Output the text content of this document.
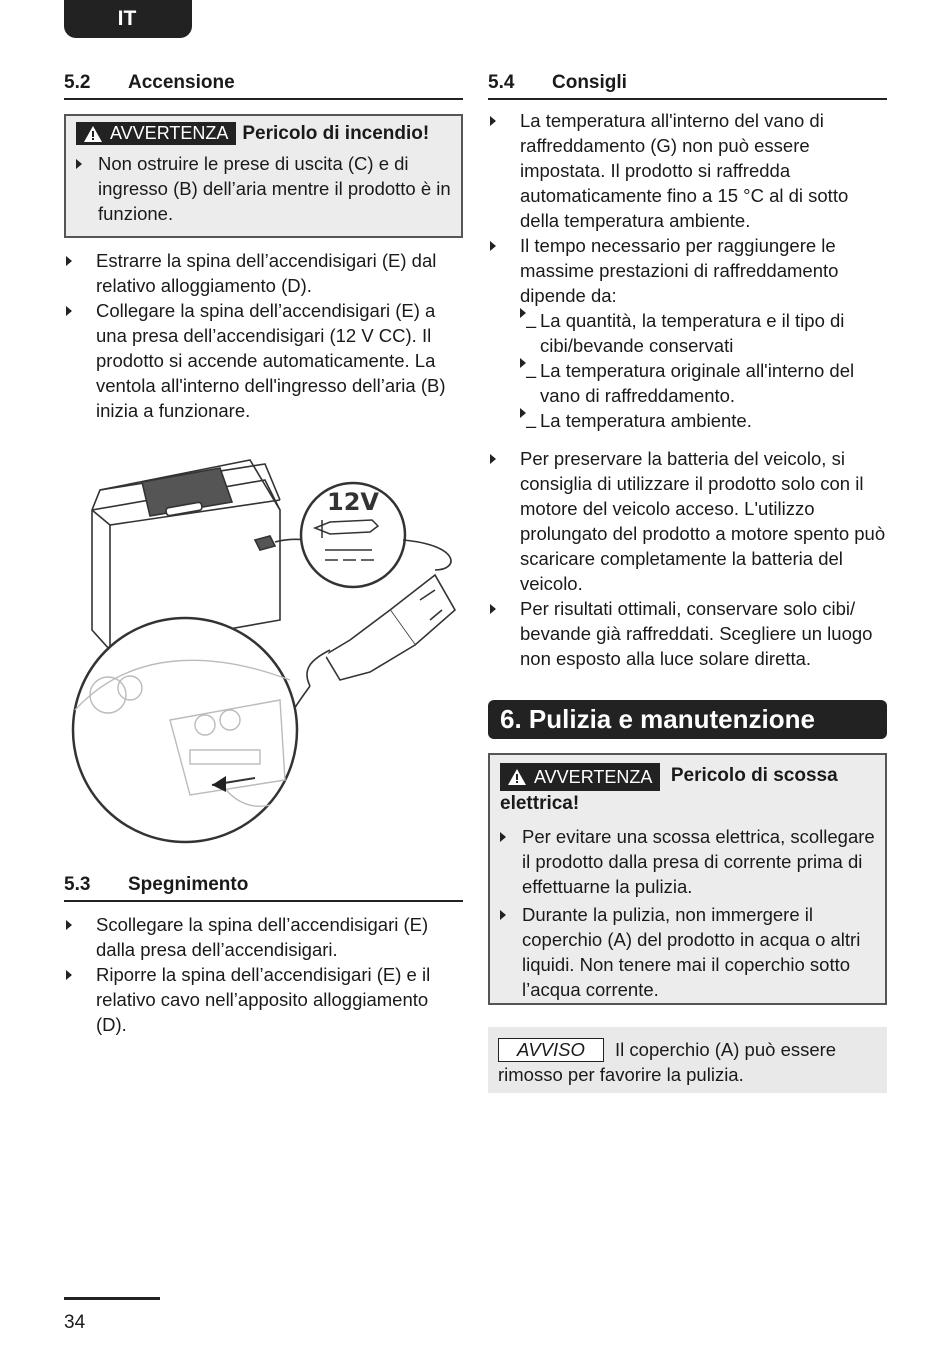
IT
5.2	Accensione
AVVERTENZA Pericolo di incendio!
Non ostruire le prese di uscita (C) e di ingresso (B) dell’aria mentre il prodotto è in funzione.
Estrarre la spina dell’accendisigari (E) dal relativo alloggiamento (D).
Collegare la spina dell’accendisigari (E) a una presa dell’accendisigari (12 V CC). Il prodotto si accende automaticamente. La ventola all'interno dell'ingresso dell’aria (B) inizia a funzionare.
12V
5.3	Spegnimento
Scollegare la spina dell’accendisigari (E) dalla presa dell’accendisigari.
Riporre la spina dell’accendisigari (E) e il relativo cavo nell’apposito alloggiamento (D).
5.4	Consigli
La temperatura all'interno del vano di raffreddamento (G) non può essere impostata. Il prodotto si raffredda automaticamente fino a 15 °C al di sotto della temperatura ambiente.
Il tempo necessario per raggiungere le massime prestazioni di raffreddamento dipende da:
– La quantità, la temperatura e il tipo di cibi/bevande conservati
– La temperatura originale all'interno del vano di raffreddamento.
– La temperatura ambiente.
Per preservare la batteria del veicolo, si consiglia di utilizzare il prodotto solo con il motore del veicolo acceso. L'utilizzo prolungato del prodotto a motore spento può scaricare completamente la batteria del veicolo.
Per risultati ottimali, conservare solo cibi/ bevande già raffreddati. Scegliere un luogo non esposto alla luce solare diretta.
6. Pulizia e manutenzione
AVVERTENZA Pericolo di scossa elettrica!
Per evitare una scossa elettrica, scollegare il prodotto dalla presa di corrente prima di effettuarne la pulizia.
Durante la pulizia, non immergere il coperchio (A) del prodotto in acqua o altri liquidi. Non tenere mai il coperchio sotto l’acqua corrente.
AVVISO Il coperchio (A) può essere rimosso per favorire la pulizia.
34
